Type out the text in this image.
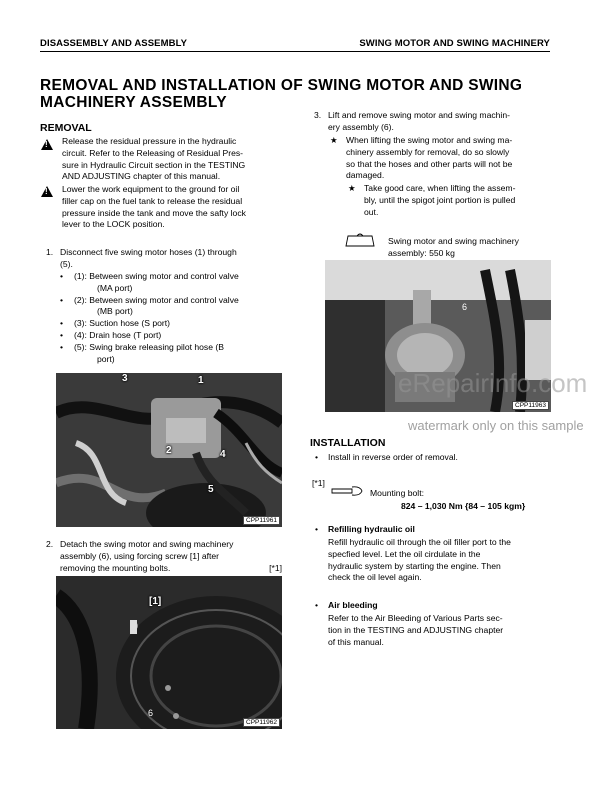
DISASSEMBLY AND ASSEMBLY	SWING MOTOR AND SWING MACHINERY
REMOVAL AND INSTALLATION OF SWING MOTOR AND SWING
MACHINERY ASSEMBLY
REMOVAL
!
Release the residual pressure in the hydraulic
circuit. Refer to the Releasing of Residual Pres-
sure in Hydraulic Circuit section in the TESTING
AND ADJUSTING chapter of this manual.
!
Lower the work equipment to the ground for oil
filler cap on the fuel tank to release the residual
pressure inside the tank and move the safty lock
lever to the LOCK position.
1. Disconnect five swing motor hoses (1) through
(5).
•	(1): Between swing motor and control valve
(MA port)
•	(2): Between swing motor and control valve
(MB port)
•	(3): Suction hose (S port)
•	(4): Drain hose (T port)
•	(5): Swing brake releasing pilot hose (B
port)
1
2
3
4
5
CPP11961
2. Detach the swing motor and swing machinery
assembly (6), using forcing screw [1] after
removing the mounting bolts.	[*1]
[1]
6
CPP11962
3. Lift and remove swing motor and swing machin-
ery assembly (6).
★ When lifting the swing motor and swing ma-
chinery assembly for removal, do so slowly
so that the hoses and other parts will not be
damaged.
★ Take good care, when lifting the assem-
bly, until the spigot joint portion is pulled
out.
Swing motor and swing machinery
assembly: 550 kg
6
CPP11963
eRepairinfo.com
watermark only on this sample
INSTALLATION
• Install in reverse order of removal.
[*1]
Mounting bolt:
824 – 1,030 Nm {84 – 105 kgm}
• Refilling hydraulic oil
Refill hydraulic oil through the oil filler port to the
specfied level. Let the oil cirdulate in the
hydraulic system by starting the engine. Then
check the oil level again.
• Air bleeding
Refer to the Air Bleeding of Various Parts sec-
tion in the TESTING and ADJUSTING chapter
of this manual.
